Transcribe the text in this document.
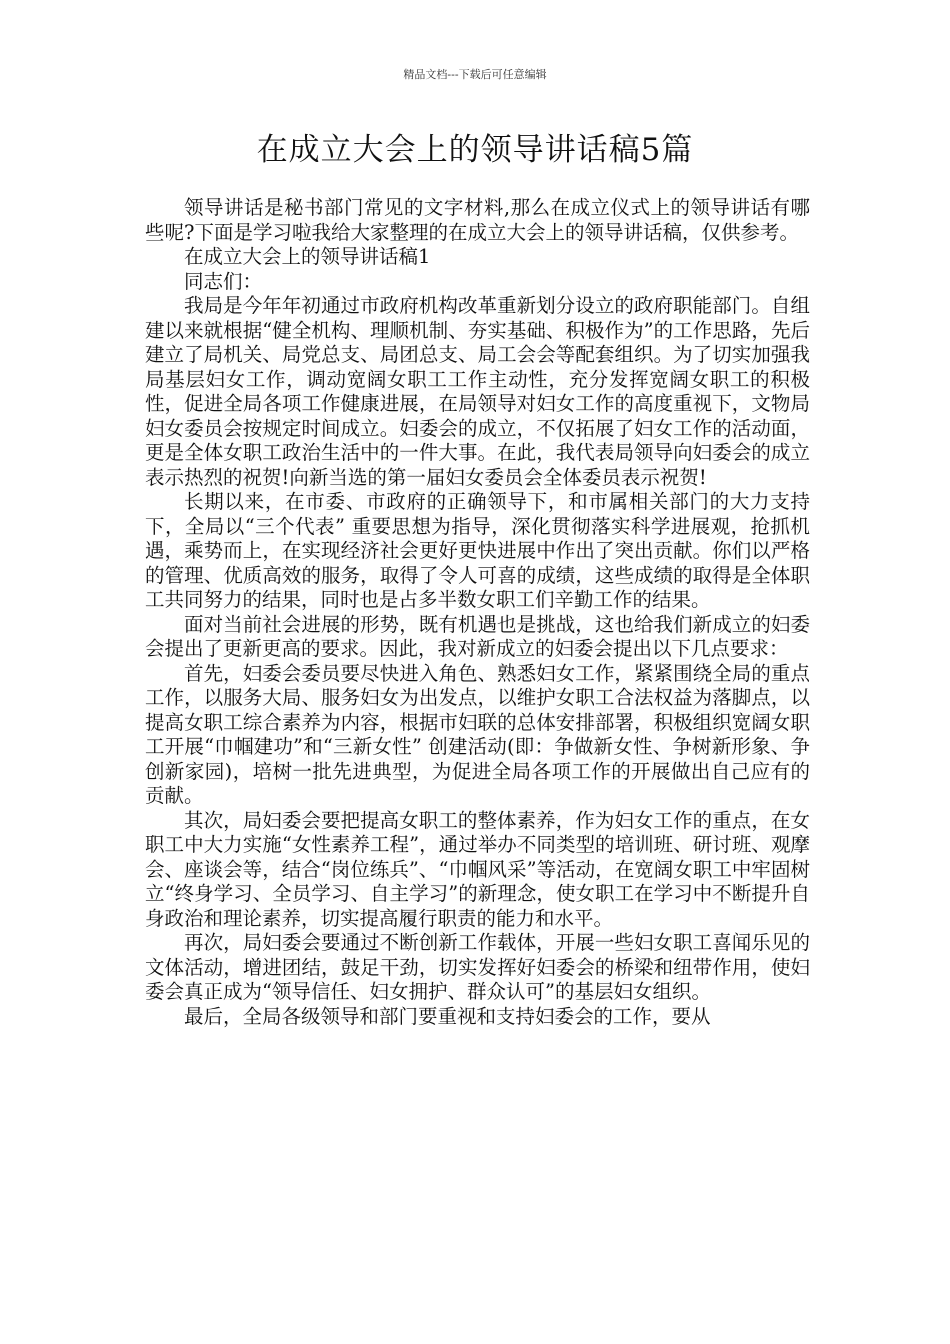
精品文档---下载后可任意编辑
在成立大会上的领导讲话稿5篇

领导讲话是秘书部门常见的文字材料,那么在成立仪式上的领导讲话有哪些呢?下面是学习啦我给大家整理的在成立大会上的领导讲话稿，仅供参考。

在成立大会上的领导讲话稿1

同志们：

我局是今年年初通过市政府机构改革重新划分设立的政府职能部门。自组建以来就根据“健全机构、理顺机制、夯实基础、积极作为”的工作思路，先后建立了局机关、局党总支、局团总支、局工会会等配套组织。为了切实加强我局基层妇女工作，调动宽阔女职工工作主动性，充分发挥宽阔女职工的积极性，促进全局各项工作健康进展，在局领导对妇女工作的高度重视下，文物局妇女委员会按规定时间成立。妇委会的成立，不仅拓展了妇女工作的活动面，更是全体女职工政治生活中的一件大事。在此，我代表局领导向妇委会的成立表示热烈的祝贺!向新当选的第一届妇女委员会全体委员表示祝贺!

长期以来，在市委、市政府的正确领导下，和市属相关部门的大力支持下，全局以“三个代表” 重要思想为指导，深化贯彻落实科学进展观，抢抓机遇，乘势而上，在实现经济社会更好更快进展中作出了突出贡献。你们以严格的管理、优质高效的服务，取得了令人可喜的成绩，这些成绩的取得是全体职工共同努力的结果，同时也是占多半数女职工们辛勤工作的结果。

面对当前社会进展的形势，既有机遇也是挑战，这也给我们新成立的妇委会提出了更新更高的要求。因此，我对新成立的妇委会提出以下几点要求：

首先，妇委会委员要尽快进入角色、熟悉妇女工作，紧紧围绕全局的重点工作，以服务大局、服务妇女为出发点，以维护女职工合法权益为落脚点，以提高女职工综合素养为内容，根据市妇联的总体安排部署，积极组织宽阔女职工开展“巾帼建功”和“三新女性” 创建活动(即：争做新女性、争树新形象、争创新家园)，培树一批先进典型，为促进全局各项工作的开展做出自己应有的贡献。

其次，局妇委会要把提高女职工的整体素养，作为妇女工作的重点，在女职工中大力实施“女性素养工程”，通过举办不同类型的培训班、研讨班、观摩会、座谈会等，结合“岗位练兵”、“巾帼风采”等活动，在宽阔女职工中牢固树立“终身学习、全员学习、自主学习”的新理念，使女职工在学习中不断提升自身政治和理论素养，切实提高履行职责的能力和水平。

再次，局妇委会要通过不断创新工作载体，开展一些妇女职工喜闻乐见的文体活动，增进团结，鼓足干劲，切实发挥好妇委会的桥梁和纽带作用，使妇委会真正成为“领导信任、妇女拥护、群众认可”的基层妇女组织。

最后，全局各级领导和部门要重视和支持妇委会的工作，要从
